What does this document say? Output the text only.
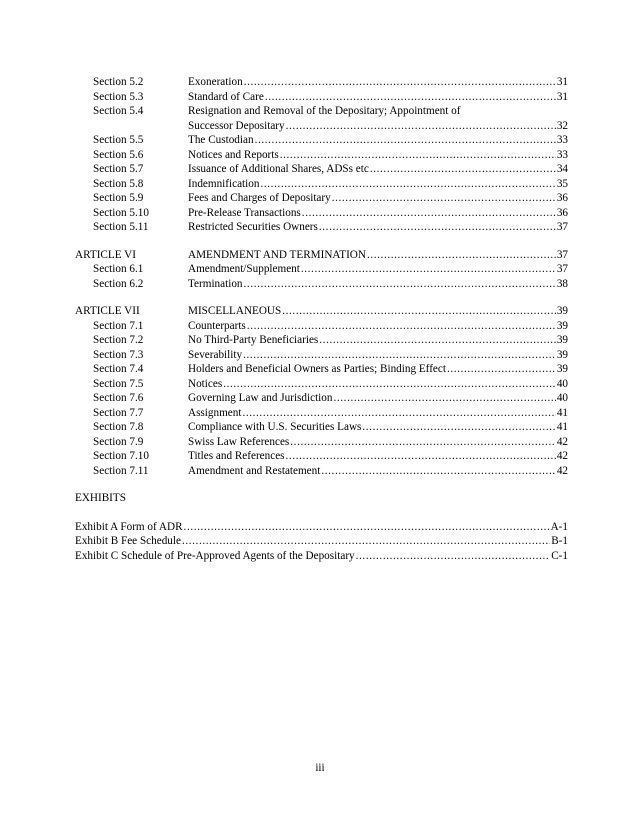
Section 5.2	Exoneration .....	31
Section 5.3	Standard of Care .....	31
Section 5.4	Resignation and Removal of the Depositary; Appointment of
Successor Depositary .....	32
Section 5.5	The Custodian .....	33
Section 5.6	Notices and Reports .....	33
Section 5.7	Issuance of Additional Shares, ADSs etc .....	34
Section 5.8	Indemnification .....	35
Section 5.9	Fees and Charges of Depositary .....	36
Section 5.10	Pre-Release Transactions .....	36
Section 5.11	Restricted Securities Owners .....	37
ARTICLE VI	AMENDMENT AND TERMINATION .....	37
Section 6.1	Amendment/Supplement .....	37
Section 6.2	Termination .....	38
ARTICLE VII	MISCELLANEOUS .....	39
Section 7.1	Counterparts .....	39
Section 7.2	No Third-Party Beneficiaries .....	39
Section 7.3	Severability .....	39
Section 7.4	Holders and Beneficial Owners as Parties; Binding Effect .....	39
Section 7.5	Notices .....	40
Section 7.6	Governing Law and Jurisdiction .....	40
Section 7.7	Assignment .....	41
Section 7.8	Compliance with U.S. Securities Laws .....	41
Section 7.9	Swiss Law References .....	42
Section 7.10	Titles and References .....	42
Section 7.11	Amendment and Restatement .....	42
EXHIBITS
Exhibit A Form of ADR .....	A-1
Exhibit B Fee Schedule .....	B-1
Exhibit C Schedule of Pre-Approved Agents of the Depositary .....	C-1
iii
